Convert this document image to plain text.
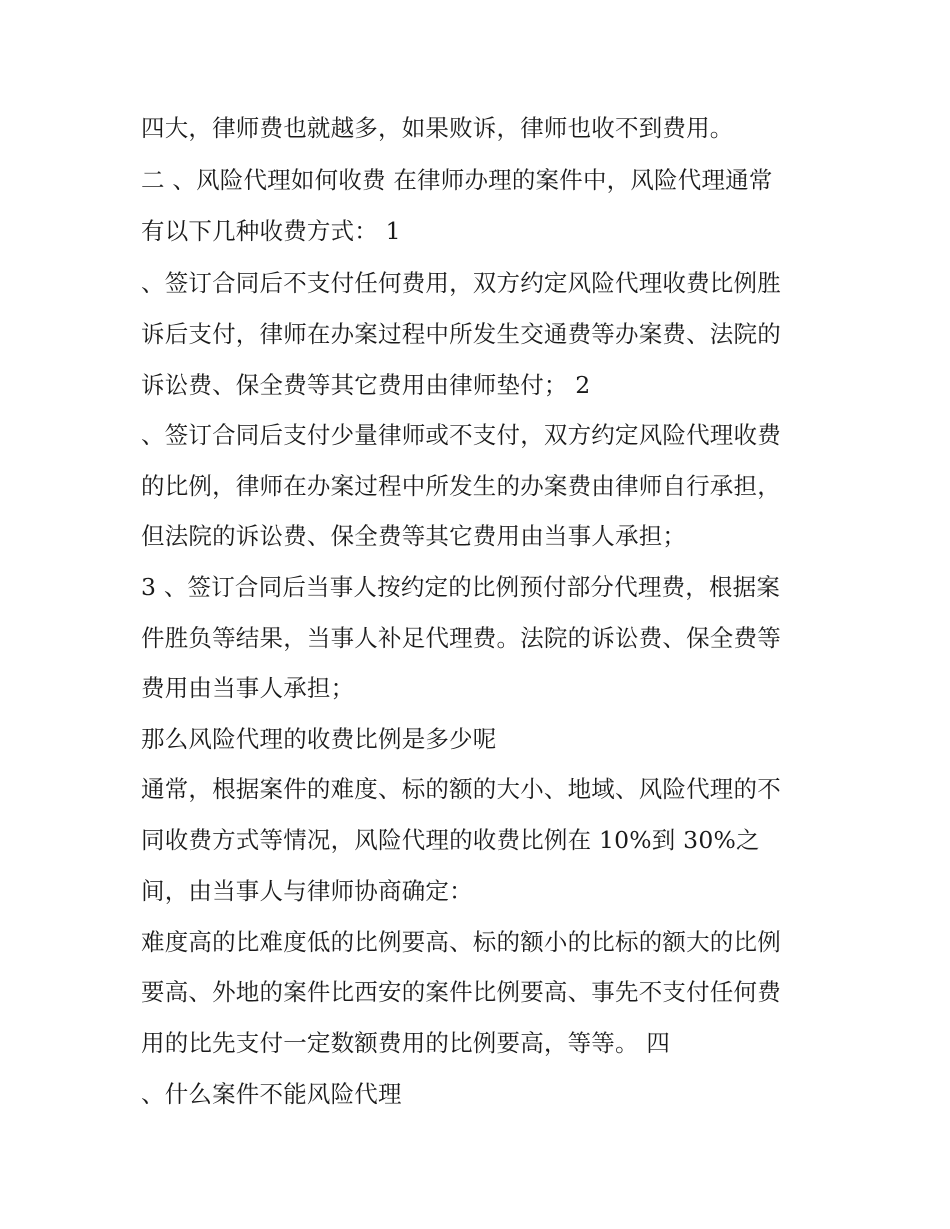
四大，律师费也就越多，如果败诉，律师也收不到费用。
二 、风险代理如何收费 在律师办理的案件中，风险代理通常
有以下几种收费方式： 1
、签订合同后不支付任何费用，双方约定风险代理收费比例胜
诉后支付，律师在办案过程中所发生交通费等办案费、法院的
诉讼费、保全费等其它费用由律师垫付； 2
、签订合同后支付少量律师或不支付，双方约定风险代理收费
的比例，律师在办案过程中所发生的办案费由律师自行承担，
但法院的诉讼费、保全费等其它费用由当事人承担；
3 、签订合同后当事人按约定的比例预付部分代理费，根据案
件胜负等结果，当事人补足代理费。法院的诉讼费、保全费等
费用由当事人承担；
那么风险代理的收费比例是多少呢
通常，根据案件的难度、标的额的大小、地域、风险代理的不
同收费方式等情况，风险代理的收费比例在 10%到 30%之
间，由当事人与律师协商确定：
难度高的比难度低的比例要高、标的额小的比标的额大的比例
要高、外地的案件比西安的案件比例要高、事先不支付任何费
用的比先支付一定数额费用的比例要高，等等。 四
、什么案件不能风险代理
